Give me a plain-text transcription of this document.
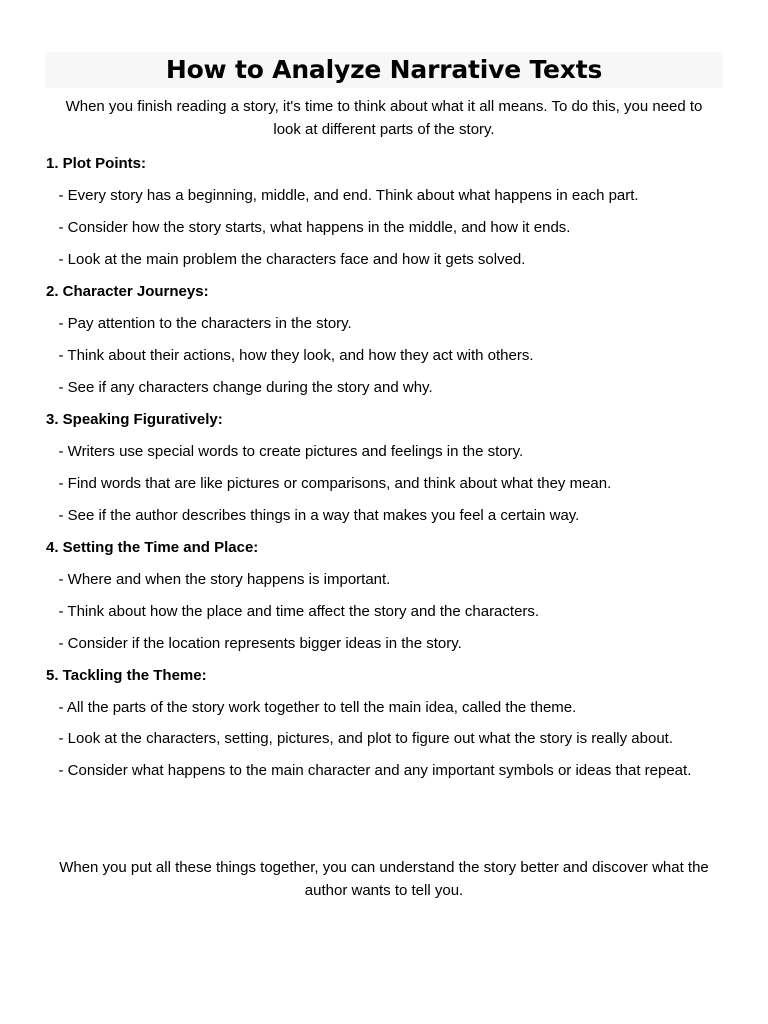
How to Analyze Narrative Texts
When you finish reading a story, it's time to think about what it all means. To do this, you need to look at different parts of the story.
1. Plot Points:
- Every story has a beginning, middle, and end. Think about what happens in each part.
- Consider how the story starts, what happens in the middle, and how it ends.
- Look at the main problem the characters face and how it gets solved.
2. Character Journeys:
- Pay attention to the characters in the story.
- Think about their actions, how they look, and how they act with others.
- See if any characters change during the story and why.
3. Speaking Figuratively:
- Writers use special words to create pictures and feelings in the story.
- Find words that are like pictures or comparisons, and think about what they mean.
- See if the author describes things in a way that makes you feel a certain way.
4. Setting the Time and Place:
- Where and when the story happens is important.
- Think about how the place and time affect the story and the characters.
- Consider if the location represents bigger ideas in the story.
5. Tackling the Theme:
- All the parts of the story work together to tell the main idea, called the theme.
- Look at the characters, setting, pictures, and plot to figure out what the story is really about.
- Consider what happens to the main character and any important symbols or ideas that repeat.
When you put all these things together, you can understand the story better and discover what the author wants to tell you.
